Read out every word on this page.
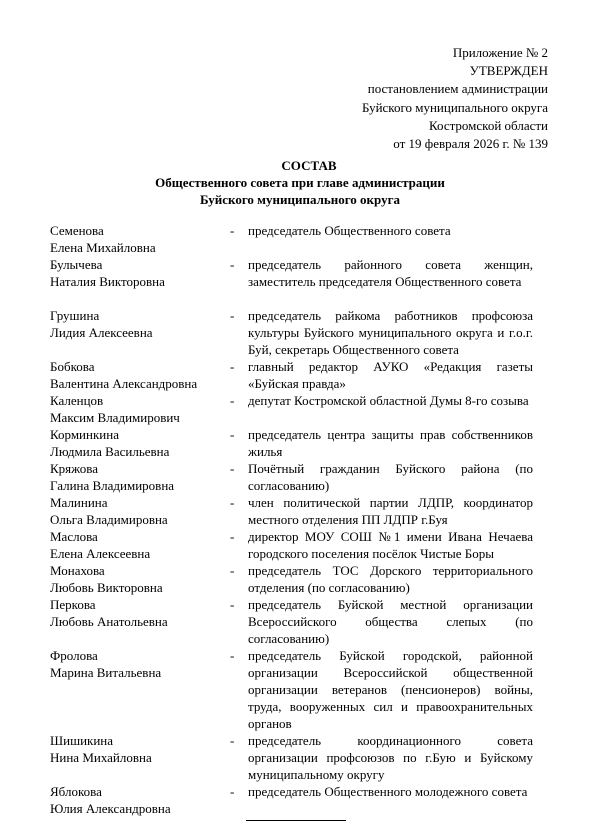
Приложение № 2
УТВЕРЖДЕН
постановлением администрации
Буйского муниципального округа
Костромской области
от 19 февраля 2026 г. № 139
СОСТАВ
Общественного совета при главе администрации
Буйского муниципального округа
Семенова
Елена Михайловна
-	председатель Общественного совета
Булычева
Наталия Викторовна
-	председатель районного совета женщин, заместитель председателя Общественного совета
Грушина
Лидия Алексеевна
-	председатель райкома работников профсоюза культуры Буйского муниципального округа и г.о.г. Буй, секретарь Общественного совета
Бобкова
Валентина Александровна
-	главный редактор АУКО «Редакция газеты «Буйская правда»
Каленцов
Максим Владимирович
-	депутат Костромской областной Думы 8-го созыва
Корминкина
Людмила Васильевна
-	председатель центра защиты прав собственников жилья
Кряжова
Галина Владимировна
-	Почётный гражданин Буйского района (по согласованию)
Малинина
Ольга Владимировна
-	член политической партии ЛДПР, координатор местного отделения ПП ЛДПР г.Буя
Маслова
Елена Алексеевна
-	директор МОУ СОШ №1 имени Ивана Нечаева городского поселения посёлок Чистые Боры
Монахова
Любовь Викторовна
-	председатель ТОС Дорского территориального отделения (по согласованию)
Перкова
Любовь Анатольевна
-	председатель Буйской местной организации Всероссийского общества слепых (по согласованию)
Фролова
Марина Витальевна
-	председатель Буйской городской, районной организации Всероссийской общественной организации ветеранов (пенсионеров) войны, труда, вооруженных сил и правоохранительных органов
Шишикина
Нина Михайловна
-	председатель координационного совета организации профсоюзов по г.Бую и Буйскому муниципальному округу
Яблокова
Юлия Александровна
-	председатель Общественного молодежного совета
